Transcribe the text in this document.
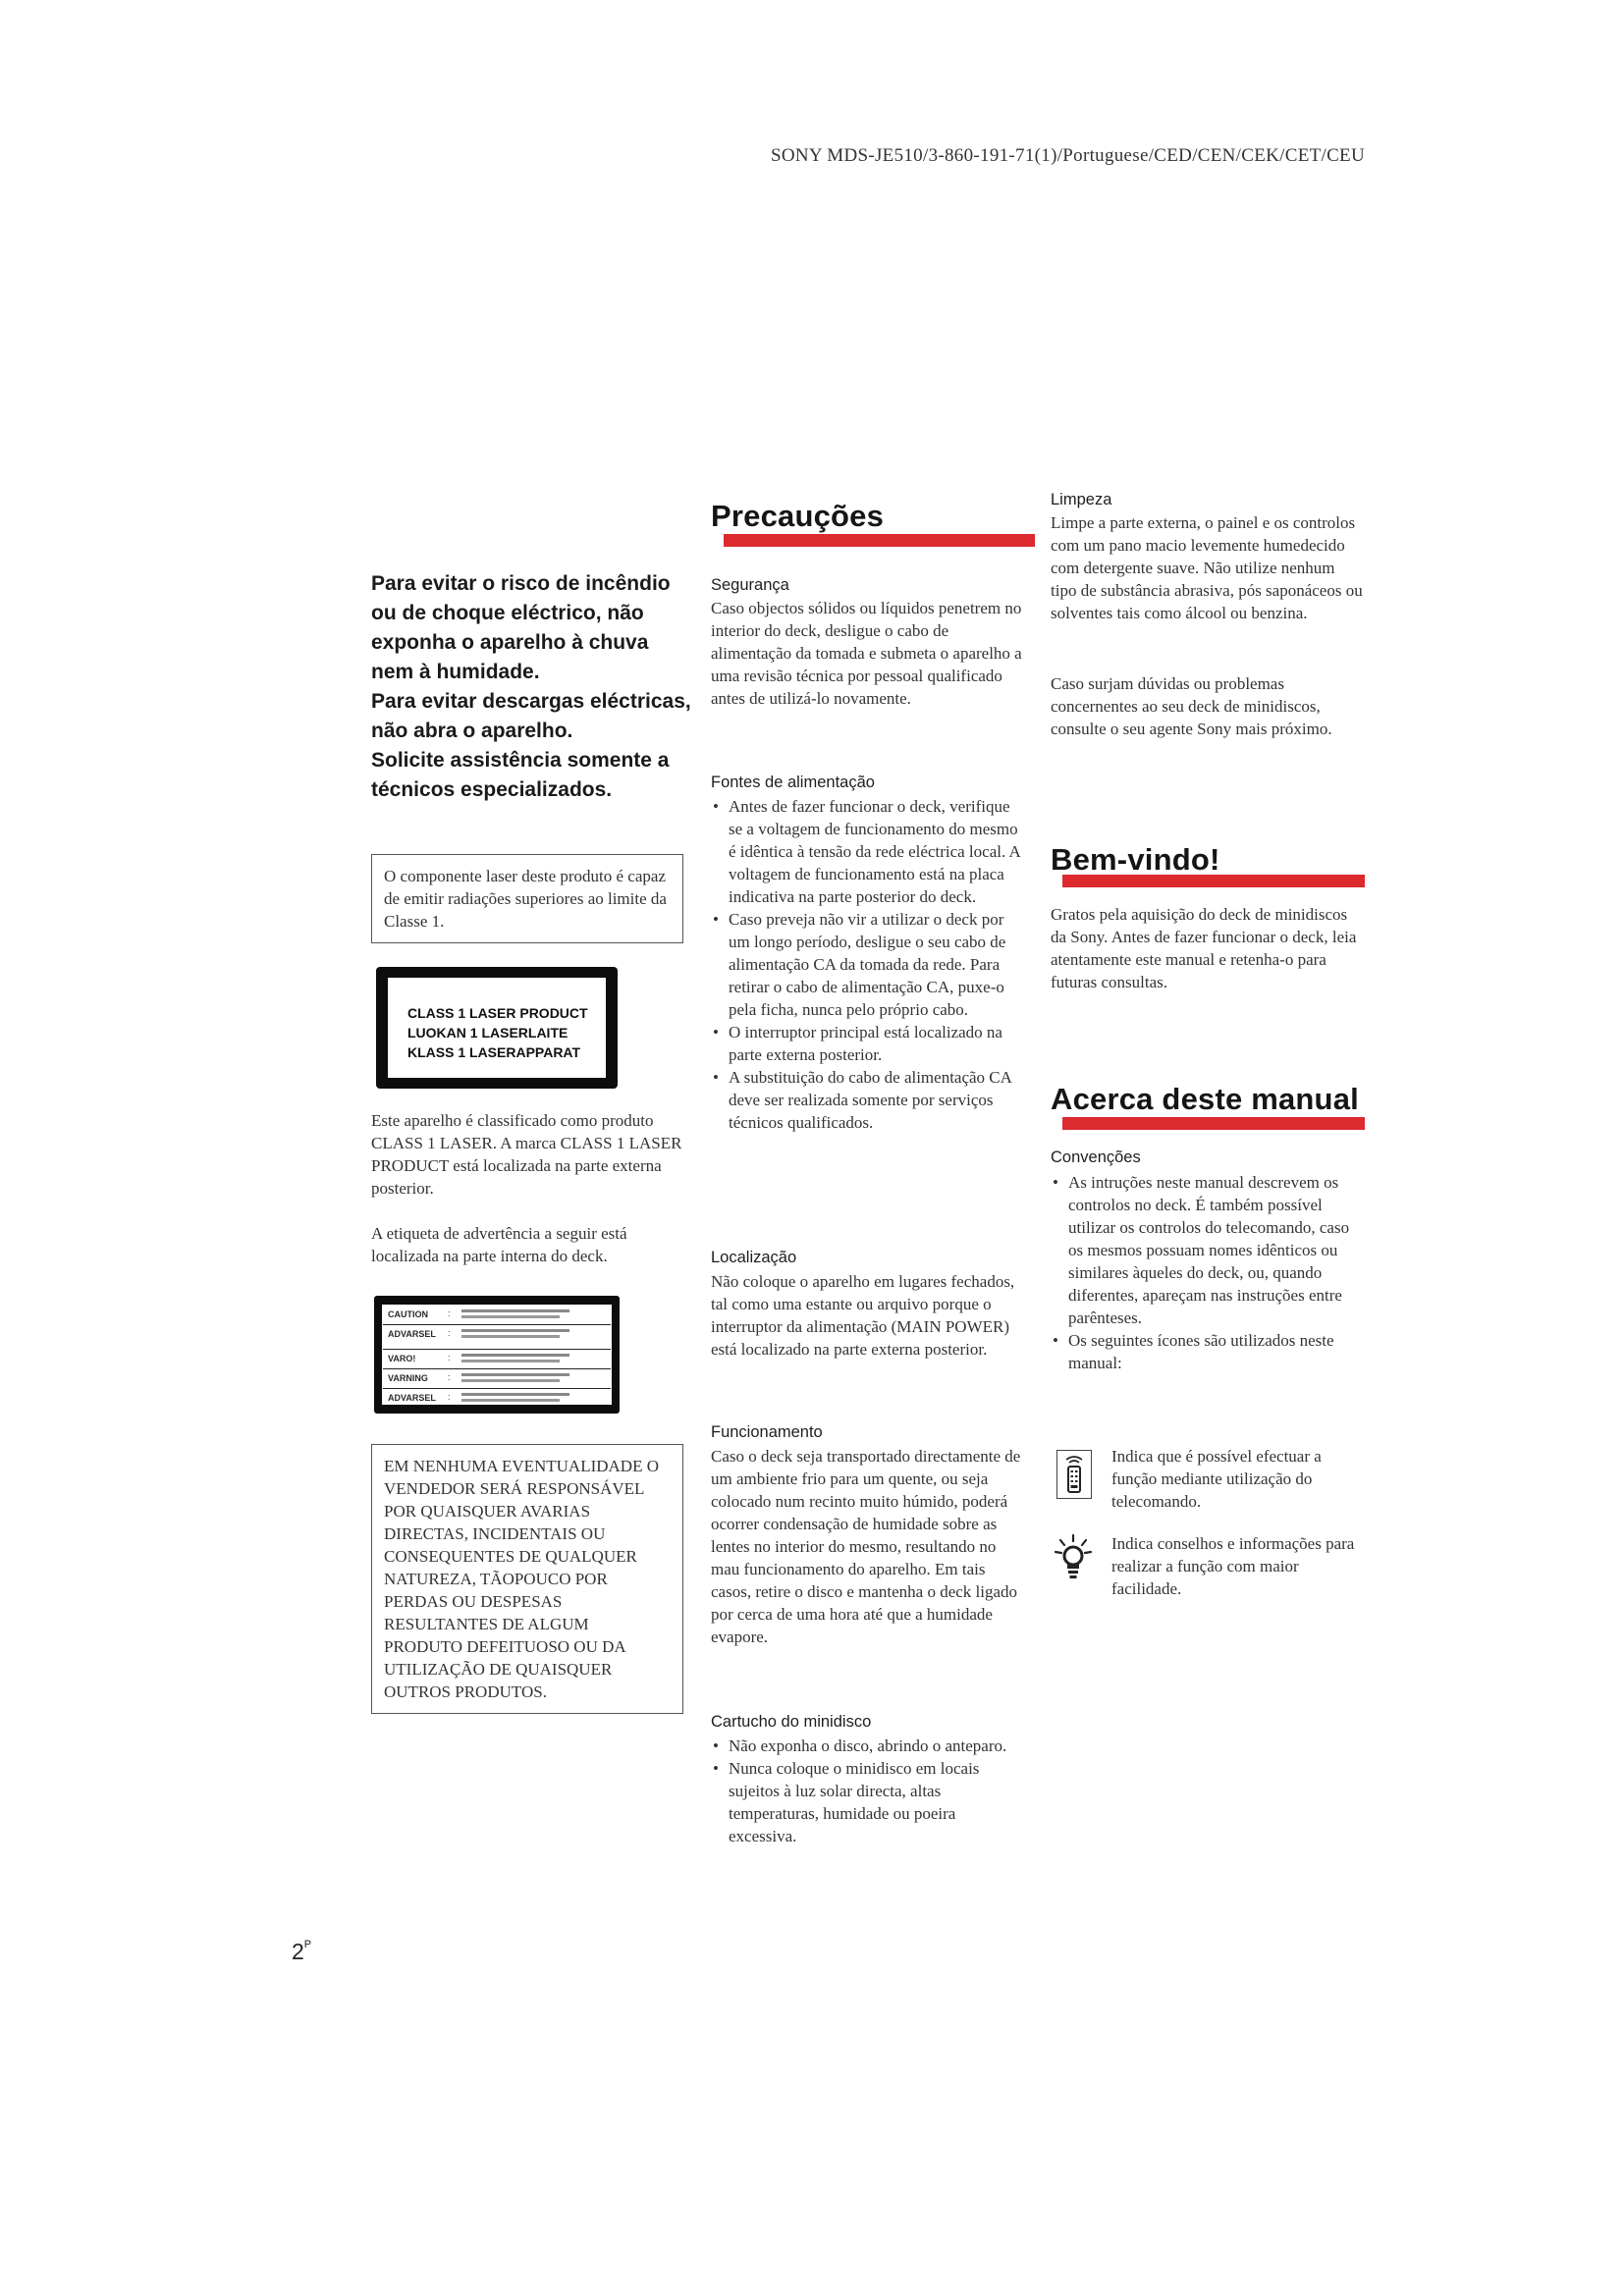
SONY MDS-JE510/3-860-191-71(1)/Portuguese/CED/CEN/CEK/CET/CEU

Para evitar o risco de incêndio ou de choque eléctrico, não exponha o aparelho à chuva nem à humidade.

Para evitar descargas eléctricas, não abra o aparelho.

Solicite assistência somente a técnicos especializados.

O componente laser deste produto é capaz de emitir radiações superiores ao limite da Classe 1.
CLASS 1 LASER PRODUCT
LUOKAN 1 LASERLAITE
KLASS 1 LASERAPPARAT
Este aparelho é classificado como produto CLASS 1 LASER. A marca CLASS 1 LASER PRODUCT está localizada na parte externa posterior.
A etiqueta de advertência a seguir está localizada na parte interna do deck.
CAUTION :
ADVARSEL :
VARO!	:
VARNING :
ADVARSEL :
EM NENHUMA EVENTUALIDADE O VENDEDOR SERÁ RESPONSÁVEL POR QUAISQUER AVARIAS DIRECTAS, INCIDENTAIS OU CONSEQUENTES DE QUALQUER NATUREZA, TÃOPOUCO POR PERDAS OU DESPESAS RESULTANTES DE ALGUM PRODUTO DEFEITUOSO OU DA UTILIZAÇÃO DE QUAISQUER OUTROS PRODUTOS.
Precauções
Segurança
Caso objectos sólidos ou líquidos penetrem no interior do deck, desligue o cabo de alimentação da tomada e submeta o aparelho a uma revisão técnica por pessoal qualificado antes de utilizá-lo novamente.
Fontes de alimentação
• Antes de fazer funcionar o deck, verifique se a voltagem de funcionamento do mesmo é idêntica à tensão da rede eléctrica local. A voltagem de funcionamento está na placa indicativa na parte posterior do deck.
• Caso preveja não vir a utilizar o deck por um longo período, desligue o seu cabo de alimentação CA da tomada da rede. Para retirar o cabo de alimentação CA, puxe-o pela ficha, nunca pelo próprio cabo.
• O interruptor principal está localizado na parte externa posterior.
• A substituição do cabo de alimentação CA deve ser realizada somente por serviços técnicos qualificados.
Localização
Não coloque o aparelho em lugares fechados, tal como uma estante ou arquivo porque o interruptor da alimentação (MAIN POWER) está localizado na parte externa posterior.
Funcionamento
Caso o deck seja transportado directamente de um ambiente frio para um quente, ou seja colocado num recinto muito húmido, poderá ocorrer condensação de humidade sobre as lentes no interior do mesmo, resultando no mau funcionamento do aparelho. Em tais casos, retire o disco e mantenha o deck ligado por cerca de uma hora até que a humidade evapore.
Cartucho do minidisco
• Não exponha o disco, abrindo o anteparo.
• Nunca coloque o minidisco em locais sujeitos à luz solar directa, altas temperaturas, humidade ou poeira excessiva.
Limpeza
Limpe a parte externa, o painel e os controlos com um pano macio levemente humedecido com detergente suave. Não utilize nenhum tipo de substância abrasiva, pós saponáceos ou solventes tais como álcool ou benzina.
Caso surjam dúvidas ou problemas concernentes ao seu deck de minidiscos, consulte o seu agente Sony mais próximo.
Bem-vindo!
Gratos pela aquisição do deck de minidiscos da Sony. Antes de fazer funcionar o deck, leia atentamente este manual e retenha-o para futuras consultas.
Acerca deste manual
Convenções
• As intruções neste manual descrevem os controlos no deck. É também possível utilizar os controlos do telecomando, caso os mesmos possuam nomes idênticos ou similares àqueles do deck, ou, quando diferentes, apareçam nas instruções entre parênteses.
• Os seguintes ícones são utilizados neste manual:
Indica que é possível efectuar a função mediante utilização do telecomando.
Indica conselhos e informações para realizar a função com maior facilidade.
$2^P$
